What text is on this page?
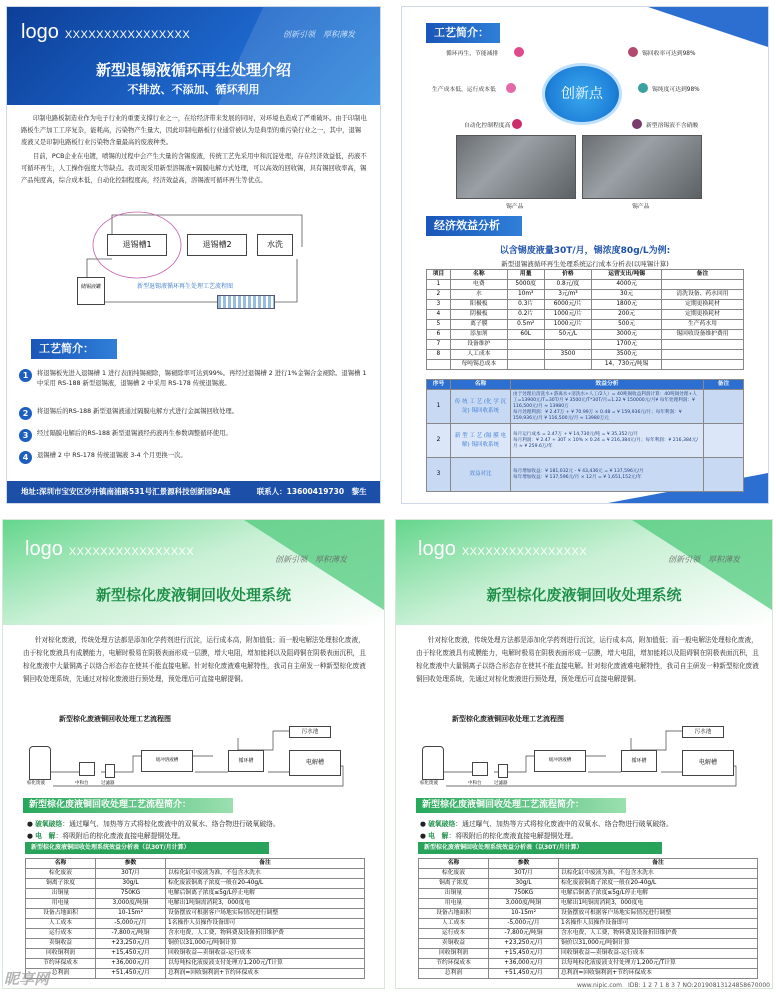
logo XXXXXXXXXXXXXXXX	创新引领　厚积薄发
新型退锡液循环再生处理介绍
不排放、不添加、循环利用
印制电路板制造业作为电子行业的重要支撑行业之一，在给经济带来发展的同时，对环境也造成了严重破坏。由于印制电路板生产加工工序复杂，能耗高，污染物产生量大，因此印制电路板行业通常被认为是典型的重污染行业之一，其中，退锡废液又是印制电路板行业污染物含量最高的废液种类。
目前，PCB企业在电镀，喷锡的过程中会产生大量的含锡废液，传统工艺先采用中和沉淀处理，存在经济效益低，药液不可循环再生，人工操作强度大等缺点。我司现采用新型溶锡液+隔膜电解方式处理，可以高效的回收锡，具有锡回收率高，锡产品纯度高，综合成本低，自动化控制程度高，经济效益高，溶锡液可循环再生等优点。
退锡槽1	退锡槽2	水洗
储锡液罐	新型退锡液循环再生处理工艺流程图
工艺简介：
1	将退锡板先进入退锡槽 1 进行表面纯锡褪除，锡褪除率可达到99%。再经过退锡槽 2 进行1%金锡合金褪除。退锡槽 1 中采用 RS-188 新型退锡液，退锡槽 2 中采用 RS-178 传统退锡液。
2	将退锡后的RS-188 新型退锡液通过隔膜电解方式进行金属锡回收处理。
3	经过隔膜电解后的RS-188 新型退锡液经药液再生参数调整循环使用。
4	退锡槽 2 中 RS-178 传统退锡液 3-4 个月更换一次。
地址:深圳市宝安区沙井镇南浦路531号汇景源科技创新园9A座	联系人：13600419730　黎生
工艺简介：
创新点
循环再生，节能减排
生产成本低，运行成本低
自动化控制程度高
锡回收率可达到98%
锡纯度可达到98%
新型溶锡液不含硝酸
锡产品	锡产品
经济效益分析
以含锡废液量30T/月，锡浓度80g/L为例:
新型退锡液循环再生处理系统运行成本分析表(以吨锡计算)
项目	名称	用量	价格	运营支出/吨锡	备注
1	电费	5000度	0.8元/度	4000元	
2	水	10m³	3元/m³	30元	清洗设备、药水回用
3	阳极板	0.3片	6000元/片	1800元	定期更换耗材
4	阴极板	0.2片	1000元/片	200元	定期更换耗材
5	离子膜	0.5m²	1000元/片	500元	生产药水用
6	添加剂	60L	50元/L	3000元	锡回收设备维护费用
7	设备维护			1700元	
8	人工成本		3500	3500元	
	每吨锡总成本			14，730元/吨锡	
序号	名称	效益分析	备注
1	传 统 工 艺 (化 学 沉 淀) 锡回收系统	由于处理后清洗水+游离水+清洗水+人工/2人）= 40吨锡收益利润计算：40吨锡处理+人工=13900元/T=30T/月 ¥ 3500元/T*30T/月=1.22 ¥ 150000元/月¥ 每年处理利润：¥ 116,500元/月 ≈ 13980万
每月处理利润：¥ 2.47万 + ¥ 70.99万 × 0.48 = ¥ 159,936元/月；每年利润：¥ 159,936元/月 ¥ 116,500元/月 ≈ 13980万元	

2	新 型 工 艺 (隔 膜 电 解) 锡回收系统	每月运行成本 = 2.47万 + ¥ 14,730元/吨 = ¥ 35,352元/月
每月利润：¥ 2.47 + 30T × 10% × 0.24 = ¥ 216,384元/月；每年利润：¥ 216,384元/月 ≈ ¥ 259.6万/年	

3	效益对比	每月增加收益：¥ 181,032元 - ¥ 43,436元 = ¥ 137,596元/月
每年增加收益：¥ 137,596元/月 × 12月 = ¥ 1,651,152元/年	

logo XXXXXXXXXXXXXXXX
创新引领　厚积薄发
新型棕化废液铜回收处理系统
针对棕化废液，传统处理方法都是添加化学药剂进行沉淀，运行成本高，附加值低；而一般电解法处理棕化废液，由于棕化废液具有成膜能力，电解时极易在阴极表面形成一层膜，增大电阻，增加能耗以及阻碍铜在阴极表面沉积，且棕化废液中大量铜离子以络合形态存在使其不能直接电解。针对棕化废液难电解特性，我司自主研发一种新型棕化废液铜回收处理系统，先通过对棕化废液进行预处理，预处理后可直接电解提铜。
新型棕化废液铜回收处理工艺流程图
棕化废液	中和台	过滤器
缓冲溶液槽	循环槽
污水池
电解槽
新型棕化废液铜回收处理工艺流程简介：
● 破氧破络：通过曝气、加热等方式将棕化废液中的双氧水、络合物进行破氧破络。
● 电　解：将吸附后的棕化废液直接电解提铜处理。
新型棕化废液铜回收处理系统效益分析表（以30T/月计算）
名称	参数	备注
棕化废液	30T/月	以棕化缸中废液为准，不包含水洗水
铜离子浓度	30g/L	棕化废液铜离子浓度一般在20-40g/L
出铜量	750KG	电解后铜离子浓度≤5g/L停止电解
用电量	3,000度/吨铜	电解出1吨铜需消耗3，000度电
设备占地面积	10-15m²	设备摆放可根据客户场地实际情况进行调整
人工成本	-5,000元/月	1名操作人员操作设备即可
运行成本	-7,800元/吨铜	含水电费，人工费，物料费及设备折旧维护费
卖铜收益	+23,250元/月	铜价以31,000元/吨铜计算
回收铜利润	+15,450元/月	回收铜收益—卖铜收益-运行成本
节约环保成本	+36,000元/月	以每吨棕化液废液支付处理方1,200元/T计算
总利润	+51,450元/月	总利润=回收铜利润+节约环保成本
logo XXXXXXXXXXXXXXXX
创新引领　厚积薄发
新型棕化废液铜回收处理系统
针对棕化废液，传统处理方法都是添加化学药剂进行沉淀，运行成本高，附加值低；而一般电解法处理棕化废液，由于棕化废液具有成膜能力，电解时极易在阴极表面形成一层膜，增大电阻，增加能耗以及阻碍铜在阴极表面沉积，且棕化废液中大量铜离子以络合形态存在使其不能直接电解。针对棕化废液难电解特性，我司自主研发一种新型棕化废液铜回收处理系统，先通过对棕化废液进行预处理，预处理后可直接电解提铜。
新型棕化废液铜回收处理工艺流程图
棕化废液	中和台	过滤器
缓冲溶液槽	循环槽
污水池
电解槽
新型棕化废液铜回收处理工艺流程简介：
● 破氧破络：通过曝气、加热等方式将棕化废液中的双氧水、络合物进行破氧破络。
● 电　解：将吸附后的棕化废液直接电解提铜处理。
新型棕化废液铜回收处理系统效益分析表（以30T/月计算）
名称	参数	备注
棕化废液	30T/月	以棕化缸中废液为准，不包含水洗水
铜离子浓度	30g/L	棕化废液铜离子浓度一般在20-40g/L
出铜量	750KG	电解后铜离子浓度≤5g/L停止电解
用电量	3,000度/吨铜	电解出1吨铜需消耗3，000度电
设备占地面积	10-15m²	设备摆放可根据客户场地实际情况进行调整
人工成本	-5,000元/月	1名操作人员操作设备即可
运行成本	-7,800元/吨铜	含水电费，人工费，物料费及设备折旧维护费
卖铜收益	+23,250元/月	铜价以31,000元/吨铜计算
回收铜利润	+15,450元/月	回收铜收益—卖铜收益-运行成本
节约环保成本	+36,000元/月	以每吨棕化液废液支付处理方1,200元/T计算
总利润	+51,450元/月	总利润=回收铜利润+节约环保成本
昵享网	www.nipic.com　IDB: 1 2 7 1 8 3 7 NO:20190813124858670000
